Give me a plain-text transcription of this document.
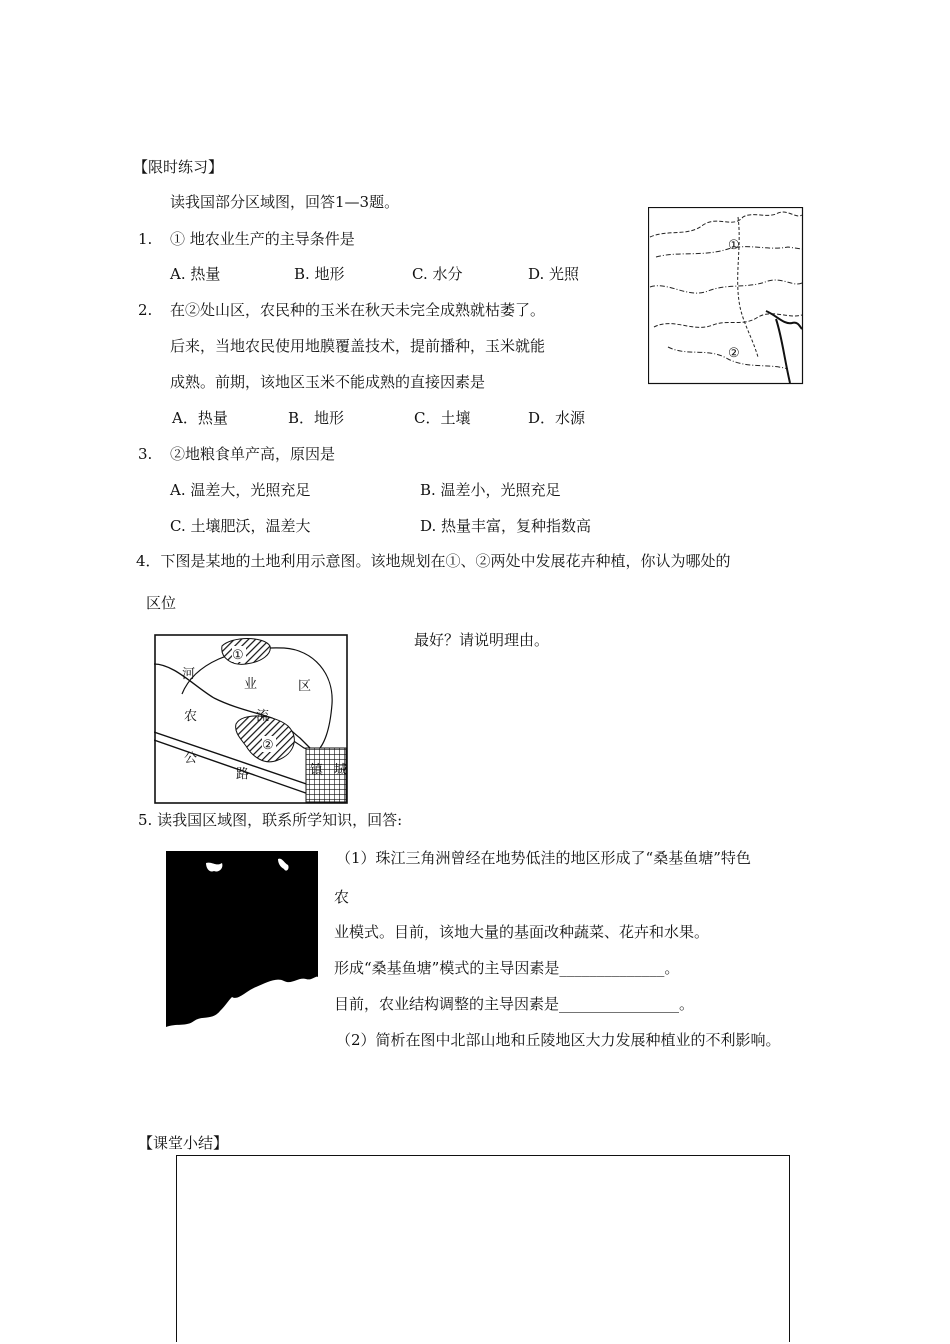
【限时练习】
读我国部分区域图，回答1—3题。
1. ① 地农业生产的主导条件是
A. 热量	B. 地形	C. 水分	D. 光照
2. 在②处山区，农民种的玉米在秋天未完全成熟就枯萎了。
后来，当地农民使用地膜覆盖技术，提前播种，玉米就能
成熟。前期，该地区玉米不能成熟的直接因素是
A．热量	B．地形	C．土壤	D．水源
3. ②地粮食单产高，原因是
A. 温差大，光照充足	B. 温差小，光照充足
C. 土壤肥沃，温差大	D. 热量丰富，复种指数高
①
②
4．下图是某地的土地利用示意图。该地规划在①、②两处中发展花卉种植，你认为哪处的
区位
最好？请说明理由。
①
②
河
业	区
农	流
公
路	镇 城
5. 读我国区域图，联系所学知识，回答:
（1）珠江三角洲曾经在地势低洼的地区形成了“桑基鱼塘”特色
农
业模式。目前，该地大量的基面改种蔬菜、花卉和水果。
形成“桑基鱼塘”模式的主导因素是______________。
目前，农业结构调整的主导因素是________________。
（2）简析在图中北部山地和丘陵地区大力发展种植业的不利影响。
【课堂小结】
